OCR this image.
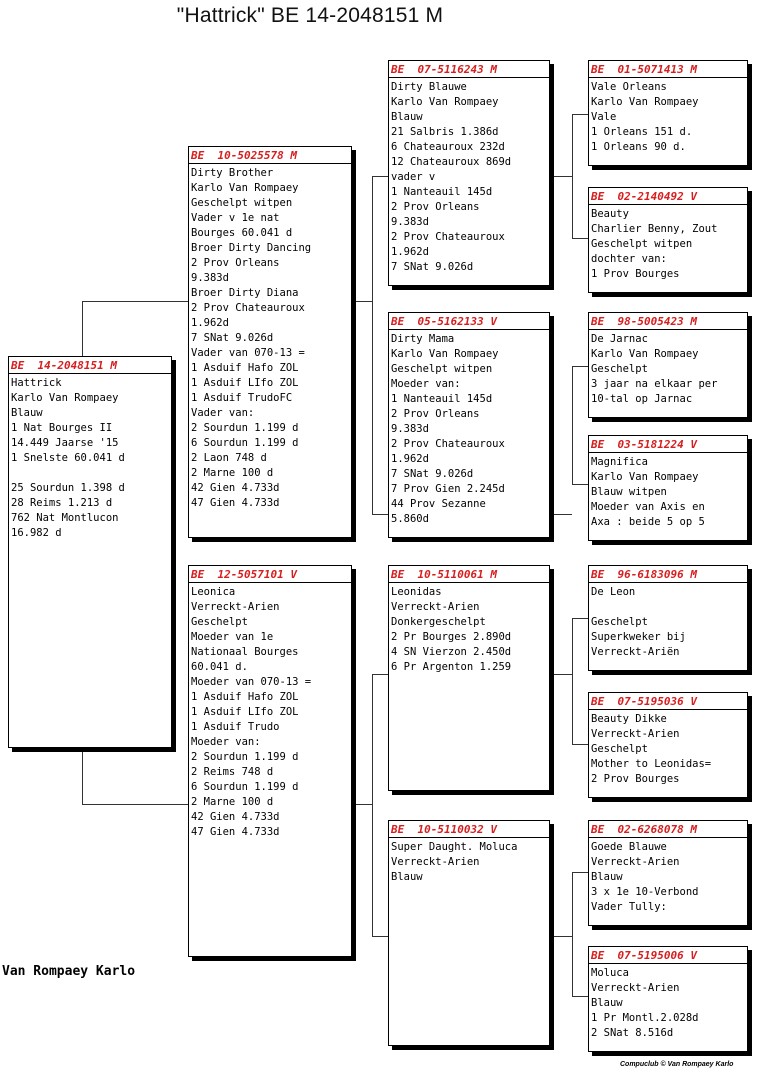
"Hattrick" BE 14-2048151 M
BE  14-2048151 M
Hattrick
Karlo Van Rompaey
Blauw
1 Nat Bourges II
14.449 Jaarse '15
1 Snelste 60.041 d
25 Sourdun 1.398 d
28 Reims 1.213 d
762 Nat Montlucon
16.982 d
BE  10-5025578 M
Dirty Brother
Karlo Van Rompaey
Geschelpt witpen
Vader v 1e nat
Bourges 60.041 d
Broer Dirty Dancing
2 Prov Orleans
9.383d
Broer Dirty Diana
2 Prov Chateauroux
1.962d
7 SNat 9.026d
Vader van 070-13 =
1 Asduif Hafo ZOL
1 Asduif LIfo ZOL
1 Asduif TrudoFC
Vader van:
2 Sourdun 1.199 d
6 Sourdun 1.199 d
2 Laon 748 d
2 Marne 100 d
42 Gien 4.733d
47 Gien 4.733d
BE  12-5057101 V
Leonica
Verreckt-Arien
Geschelpt
Moeder van 1e
Nationaal Bourges
60.041 d.
Moeder van 070-13 =
1 Asduif Hafo ZOL
1 Asduif LIfo ZOL
1 Asduif Trudo
Moeder van:
2 Sourdun 1.199 d
2 Reims 748 d
6 Sourdun 1.199 d
2 Marne 100 d
42 Gien 4.733d
47 Gien 4.733d
BE  07-5116243 M
Dirty Blauwe
Karlo Van Rompaey
Blauw
21 Salbris 1.386d
6 Chateauroux 232d
12 Chateauroux 869d
vader v
1 Nanteauil 145d
2 Prov Orleans
9.383d
2 Prov Chateauroux
1.962d
7 SNat 9.026d
BE  05-5162133 V
Dirty Mama
Karlo Van Rompaey
Geschelpt witpen
Moeder van:
1 Nanteauil 145d
2 Prov Orleans
9.383d
2 Prov Chateauroux
1.962d
7 SNat 9.026d
7 Prov Gien 2.245d
44 Prov Sezanne
5.860d
BE  10-5110061 M
Leonidas
Verreckt-Arien
Donkergeschelpt
2 Pr Bourges 2.890d
4 SN Vierzon 2.450d
6 Pr Argenton 1.259
BE  10-5110032 V
Super Daught. Moluca
Verreckt-Arien
Blauw
BE  01-5071413 M
Vale Orleans
Karlo Van Rompaey
Vale
1 Orleans 151 d.
1 Orleans 90 d.
BE  02-2140492 V
Beauty
Charlier Benny, Zout
Geschelpt witpen
dochter van:
1 Prov Bourges
BE  98-5005423 M
De Jarnac
Karlo Van Rompaey
Geschelpt
3 jaar na elkaar per
10-tal op Jarnac
BE  03-5181224 V
Magnifica
Karlo Van Rompaey
Blauw witpen
Moeder van Axis en
Axa : beide 5 op 5
BE  96-6183096 M
De Leon
Geschelpt
Superkweker bij
Verreckt-Ariën
BE  07-5195036 V
Beauty Dikke
Verreckt-Arien
Geschelpt
Mother to Leonidas=
2 Prov Bourges
BE  02-6268078 M
Goede Blauwe
Verreckt-Arien
Blauw
3 x 1e 10-Verbond
Vader Tully:
BE  07-5195006 V
Moluca
Verreckt-Arien
Blauw
1 Pr Montl.2.028d
2 SNat 8.516d
Van Rompaey Karlo
Compuclub © Van Rompaey Karlo
